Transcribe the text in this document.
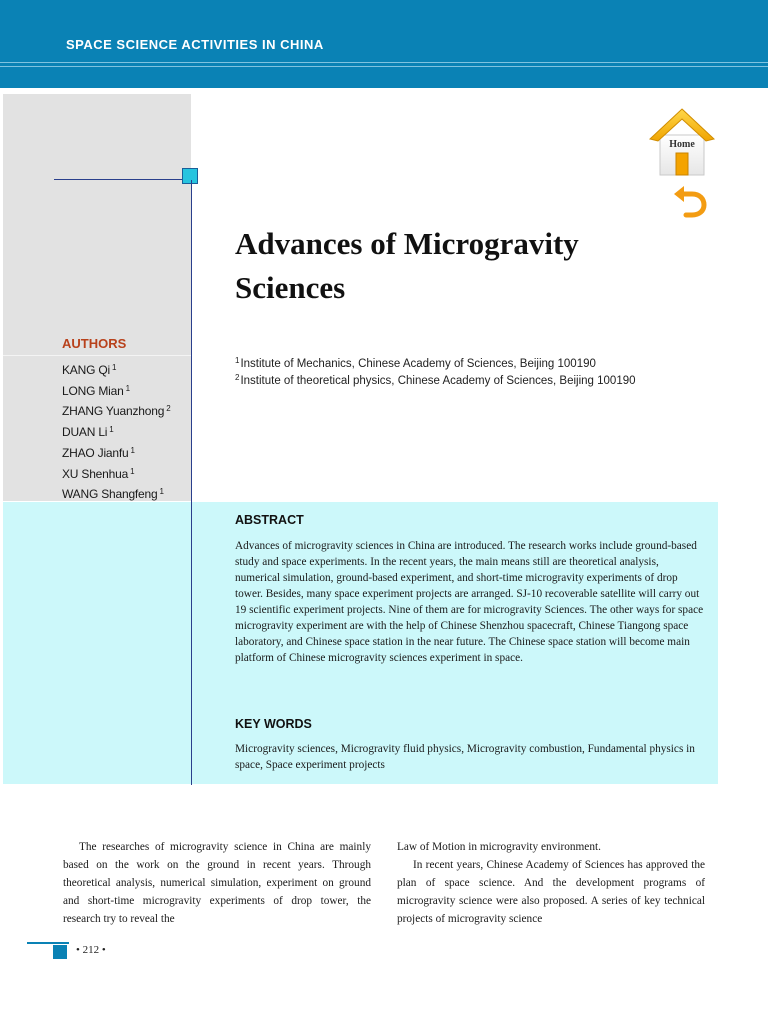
SPACE SCIENCE ACTIVITIES IN CHINA
Home
Advances of Microgravity
Sciences
$^1$Institute of Mechanics, Chinese Academy of Sciences, Beijing 100190
$^2$Institute of theoretical physics, Chinese Academy of Sciences, Beijing 100190
AUTHORS
KANG Qi $^1$
LONG Mian $^1$
ZHANG Yuanzhong $^2$
DUAN Li $^1$
ZHAO Jianfu $^1$
XU Shenhua $^1$
WANG Shangfeng $^1$
ABSTRACT

Advances of microgravity sciences in China are introduced. The research works include ground-based study and space experiments. In the recent years, the main means still are theoretical analysis, numerical simulation, ground-based experiment, and short-time microgravity experiments of drop tower. Besides, many space experiment projects are arranged. SJ-10 recoverable satellite will carry out 19 scientific experiment projects. Nine of them are for microgravity Sciences. The other ways for space microgravity experiment are with the help of Chinese Shenzhou spacecraft, Chinese Tiangong space laboratory, and Chinese space station in the near future. The Chinese space station will become main platform of Chinese microgravity sciences experiment in space.

KEY WORDS

Microgravity sciences, Microgravity fluid physics, Microgravity combustion, Fundamental physics in space, Space experiment projects

The researches of microgravity science in China are mainly based on the work on the ground in recent years. Through theoretical analysis, numerical simulation, experiment on ground and short-time microgravity experiments of drop tower, the research try to reveal the

Law of Motion in microgravity environment.

In recent years, Chinese Academy of Sciences has approved the plan of space science. And the development programs of microgravity science were also proposed. A series of key technical projects of microgravity science

• 212 •
